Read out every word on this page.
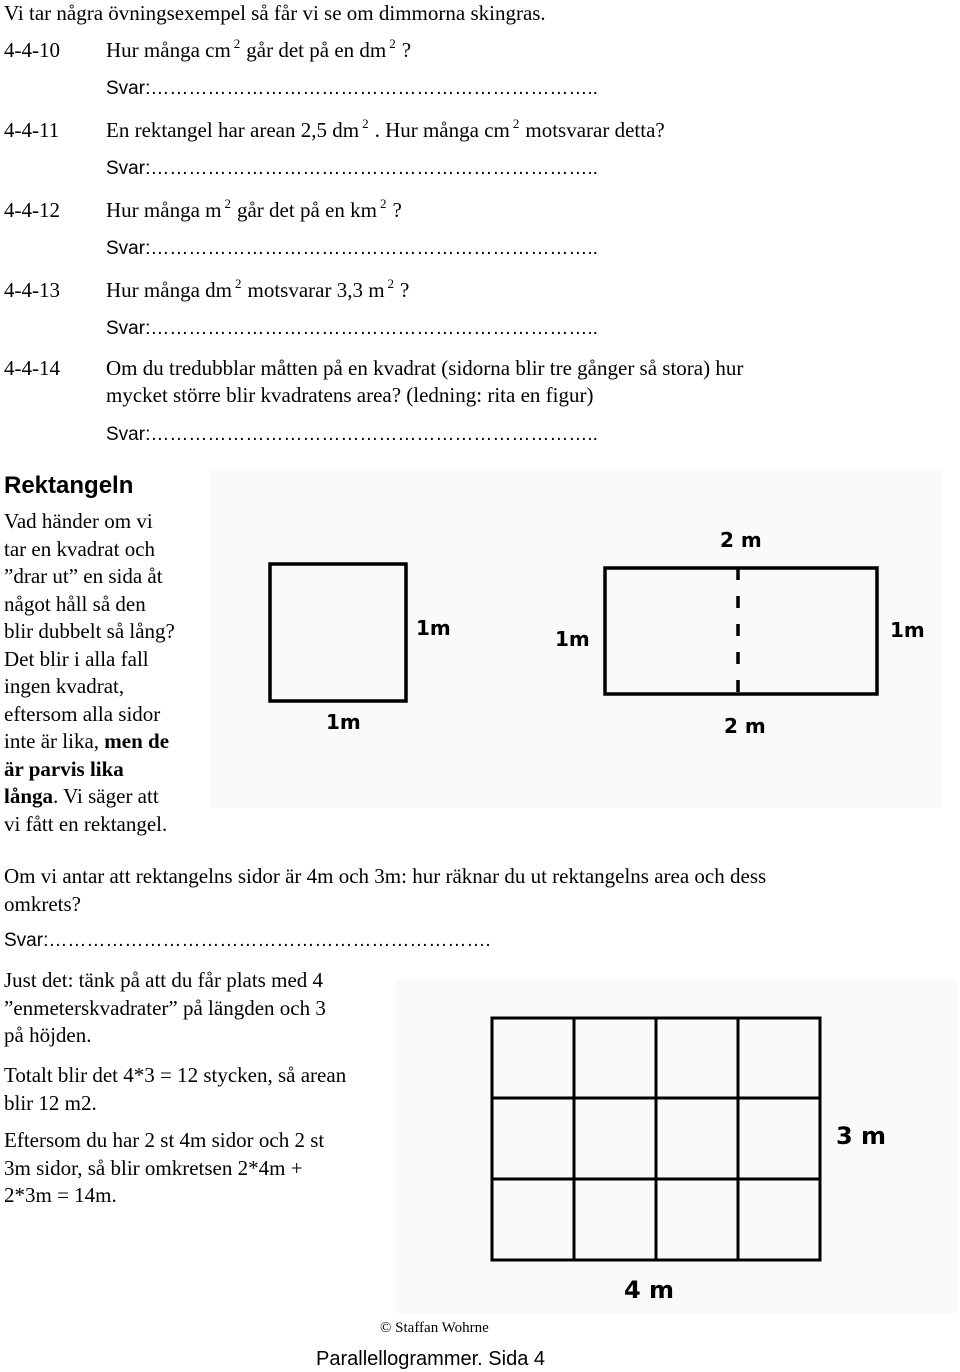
Vi tar några övningsexempel så får vi se om dimmorna skingras.
4-4-10 Hur många cm $^2$ går det på en dm $^2$ ?
Svar:……………………………………………………………..
4-4-11 En rektangel har arean 2,5 dm $^2$ . Hur många cm $^2$ motsvarar detta?
Svar:……………………………………………………………..
4-4-12 Hur många m $^2$ går det på en km $^2$ ?
Svar:……………………………………………………………..
4-4-13 Hur många dm $^2$ motsvarar 3,3 m $^2$ ?
Svar:……………………………………………………………..
4-4-14 Om du tredubblar måtten på en kvadrat (sidorna blir tre gånger så stora) hur
mycket större blir kvadratens area? (ledning: rita en figur)
Svar:……………………………………………………………..
Rektangeln
Vad händer om vi
tar en kvadrat och
”drar ut” en sida åt
något håll så den
blir dubbelt så lång?
Det blir i alla fall
ingen kvadrat,
eftersom alla sidor
inte är lika, men de
är parvis lika
långa. Vi säger att
vi fått en rektangel.
1m
1m
2 m
1m	1m
2 m
Om vi antar att rektangelns sidor är 4m och 3m: hur räknar du ut rektangelns area och dess
omkrets?
Svar:…………………………………………………………….
Just det: tänk på att du får plats med 4
”enmeterskvadrater” på längden och 3
på höjden.
Totalt blir det 4*3 = 12 stycken, så arean
blir 12 m2.
Eftersom du har 2 st 4m sidor och 2 st
3m sidor, så blir omkretsen 2*4m +
2*3m = 14m.
3 m
4 m
© Staffan Wohrne
Parallellogrammer. Sida 4
